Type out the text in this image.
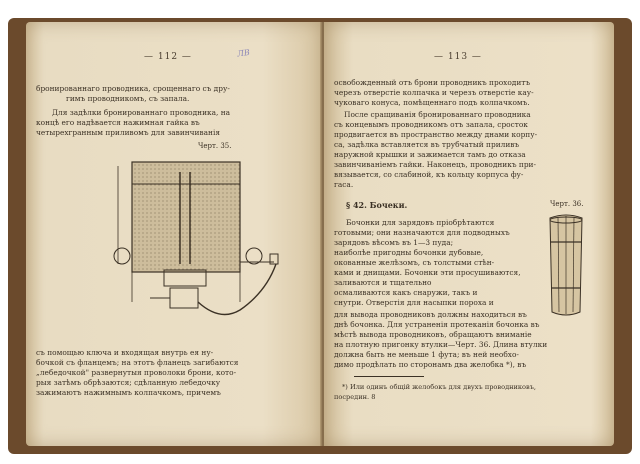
— 112 —	ЛВ
бронированнаго проводника, срощеннаго съ дру-
гимъ проводникомъ, съ запала.
Для задѣлки бронированнаго проводника, на
концѣ его надѣвается нажимная гайка въ
четырехгранным приливомъ для завинчиванія
Черт. 35.
съ помощью ключа и входящая внутрь ея ну-
бочкой съ фланцемъ; на этотъ фланецъ загибаются
„лебедочкой" развернутыя проволоки брони, кото-
рыя затѣмъ обрѣзаются; сдѣланную лебедочку
зажимаютъ нажимнымъ колпачкомъ, причемъ
— 113 —
освобожденный отъ брони проводникъ проходитъ
черезъ отверстіе колпачка и черезъ отверстіе кау-
чуковаго конуса, помѣщеннаго подъ колпачкомъ.
После сращиванія бронированнаго проводника
съ концевымъ проводникомъ отъ запала, сросток
продвигается въ пространство между днами корпу-
са, задѣлка вставляется въ трубчатый приливъ
наружной крышки и зажимается тамъ до отказа
завинчиваніемъ гайки. Наконецъ, проводникъ при-
вязывается, со слабиной, къ кольцу корпуса фу-
гаса.
§ 42. Бочеки.	Черт. 36.
Бочонки для зарядовъ пріобрѣтаются
готовыми; они назначаются для подводныхъ
зарядовъ вѣсомъ въ 1—3 пуда;
наиболѣе пригодны бочонки дубовые,
окованные желѣзомъ, съ толстыми стѣн-
ками и днищами. Бочонки эти просушиваются,
заливаются и тщательно
осмаливаются какъ снаружи, такъ и
снутри. Отверстія для насыпки пороха и
для вывода проводниковъ должны находиться въ
днѣ бочонка. Для устраненія протеканія бочонка въ
мѣстѣ вывода проводниковъ, обращаютъ вниманіе
на плотную пригонку втулки—Черт. 36. Длина втулки
должна быть не меньше 1 фута; въ ней необхо-
димо продѣлать по сторонамъ два желобка *), въ
*) Или одинъ общій желобокъ для двухъ проводниковъ,
посредин. 8
